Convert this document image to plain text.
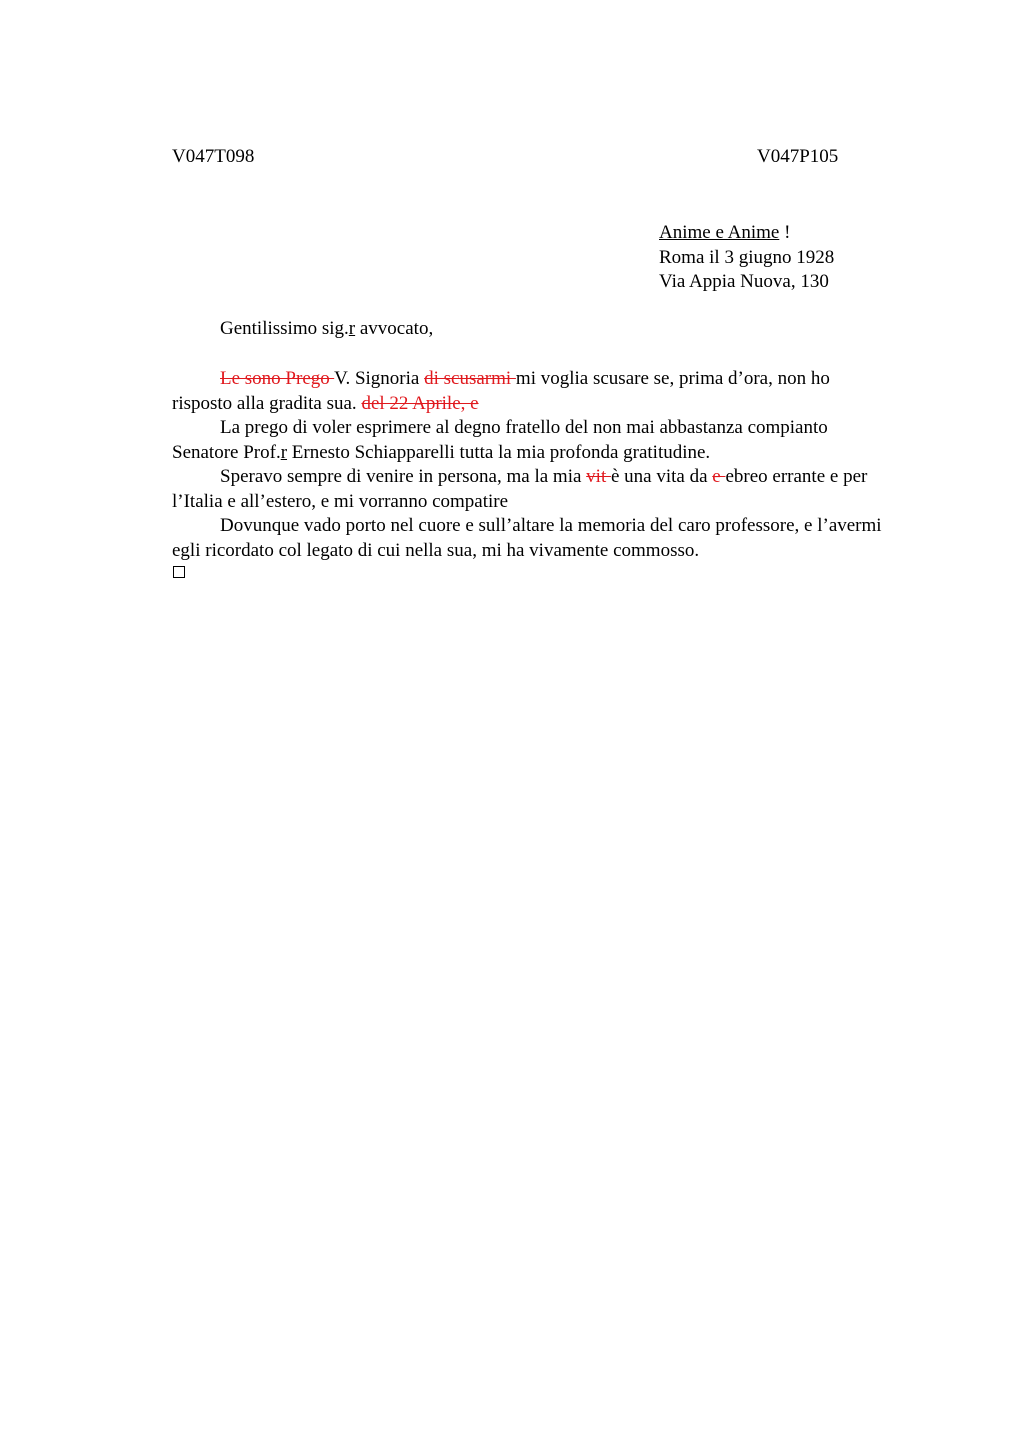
V047T098	V047P105
Anime e Anime !
Roma il 3 giugno 1928
Via Appia Nuova, 130
Gentilissimo sig.r avvocato,

Le sono Prego V. Signoria di scusarmi mi voglia scusare se, prima d’ora, non ho risposto alla gradita sua. del 22 Aprile, e

La prego di voler esprimere al degno fratello del non mai abbastanza compianto Senatore Prof.r Ernesto Schiapparelli tutta la mia profonda gratitudine.

Speravo sempre di venire in persona, ma la mia vit è una vita da e ebreo errante e per l’Italia e all’estero, e mi vorranno compatire

Dovunque vado porto nel cuore e sull’altare la memoria del caro professore, e l’avermi egli ricordato col legato di cui nella sua, mi ha vivamente commosso.
